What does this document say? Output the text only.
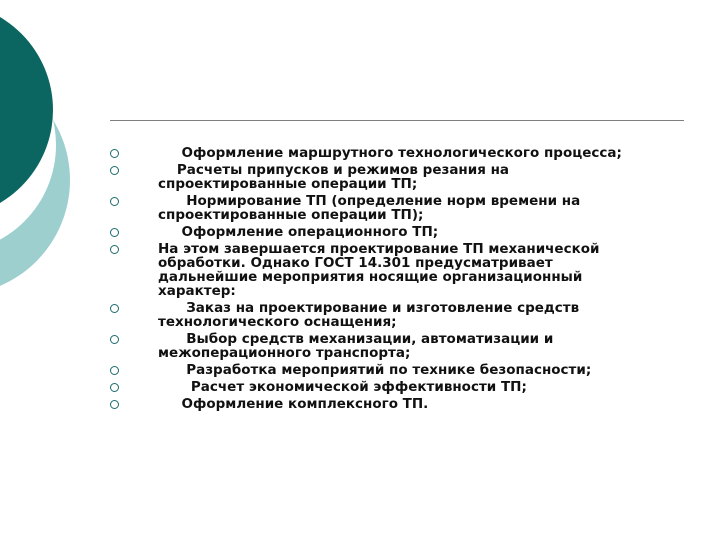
Оформление маршрутного технологического процесса;
Расчеты припусков и режимов резания на
спроектированные операции ТП;
Нормирование ТП (определение норм времени на
спроектированные операции ТП);
Оформление операционного ТП;
На этом завершается проектирование ТП механической
обработки. Однако ГОСТ 14.301 предусматривает
дальнейшие мероприятия носящие организационный
характер:
Заказ на проектирование и изготовление средств
технологического оснащения;
Выбор средств механизации, автоматизации и
межоперационного транспорта;
Разработка мероприятий по технике безопасности;
Расчет экономической эффективности ТП;
Оформление комплексного ТП.
